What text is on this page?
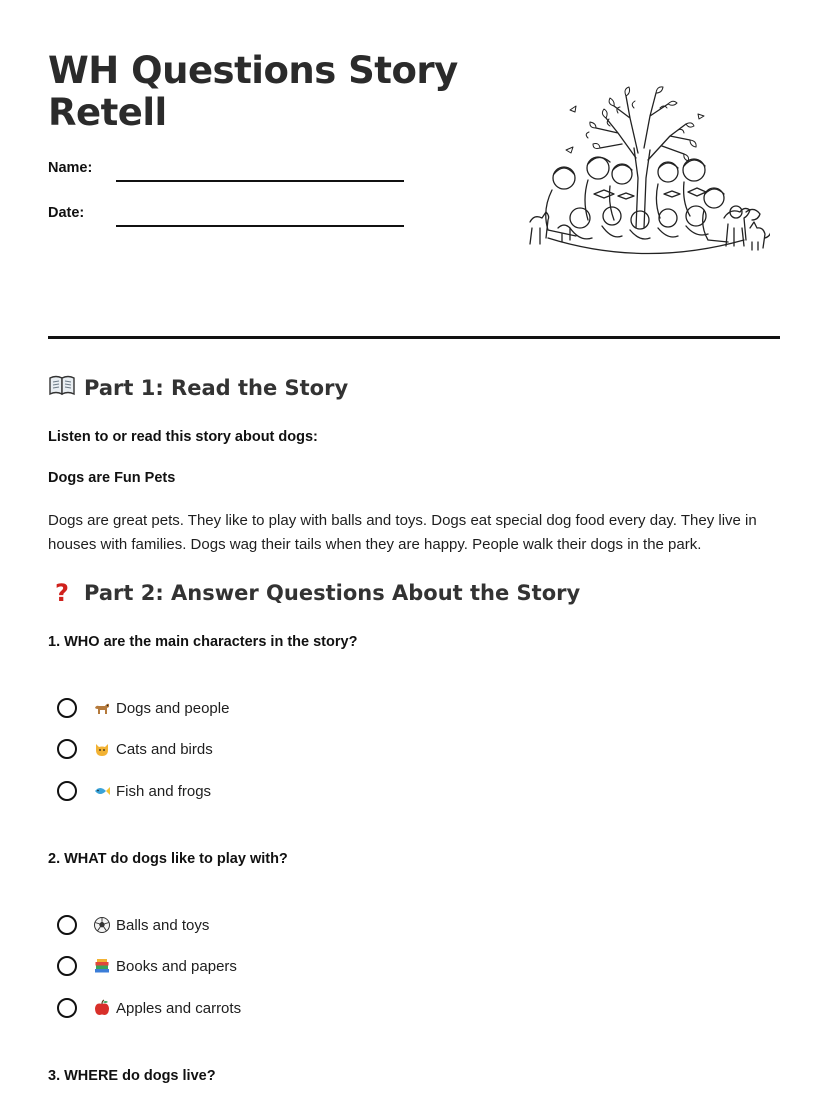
WH Questions Story Retell
Name:
Date:
Part 1: Read the Story
Listen to or read this story about dogs:
Dogs are Fun Pets

Dogs are great pets. They like to play with balls and toys. Dogs eat special dog food every day. They live in houses with families. Dogs wag their tails when they are happy. People walk their dogs in the park.

? Part 2: Answer Questions About the Story
1. WHO are the main characters in the story?
Dogs and people
Cats and birds
Fish and frogs
2. WHAT do dogs like to play with?
Balls and toys
Books and papers
Apples and carrots
3. WHERE do dogs live?
